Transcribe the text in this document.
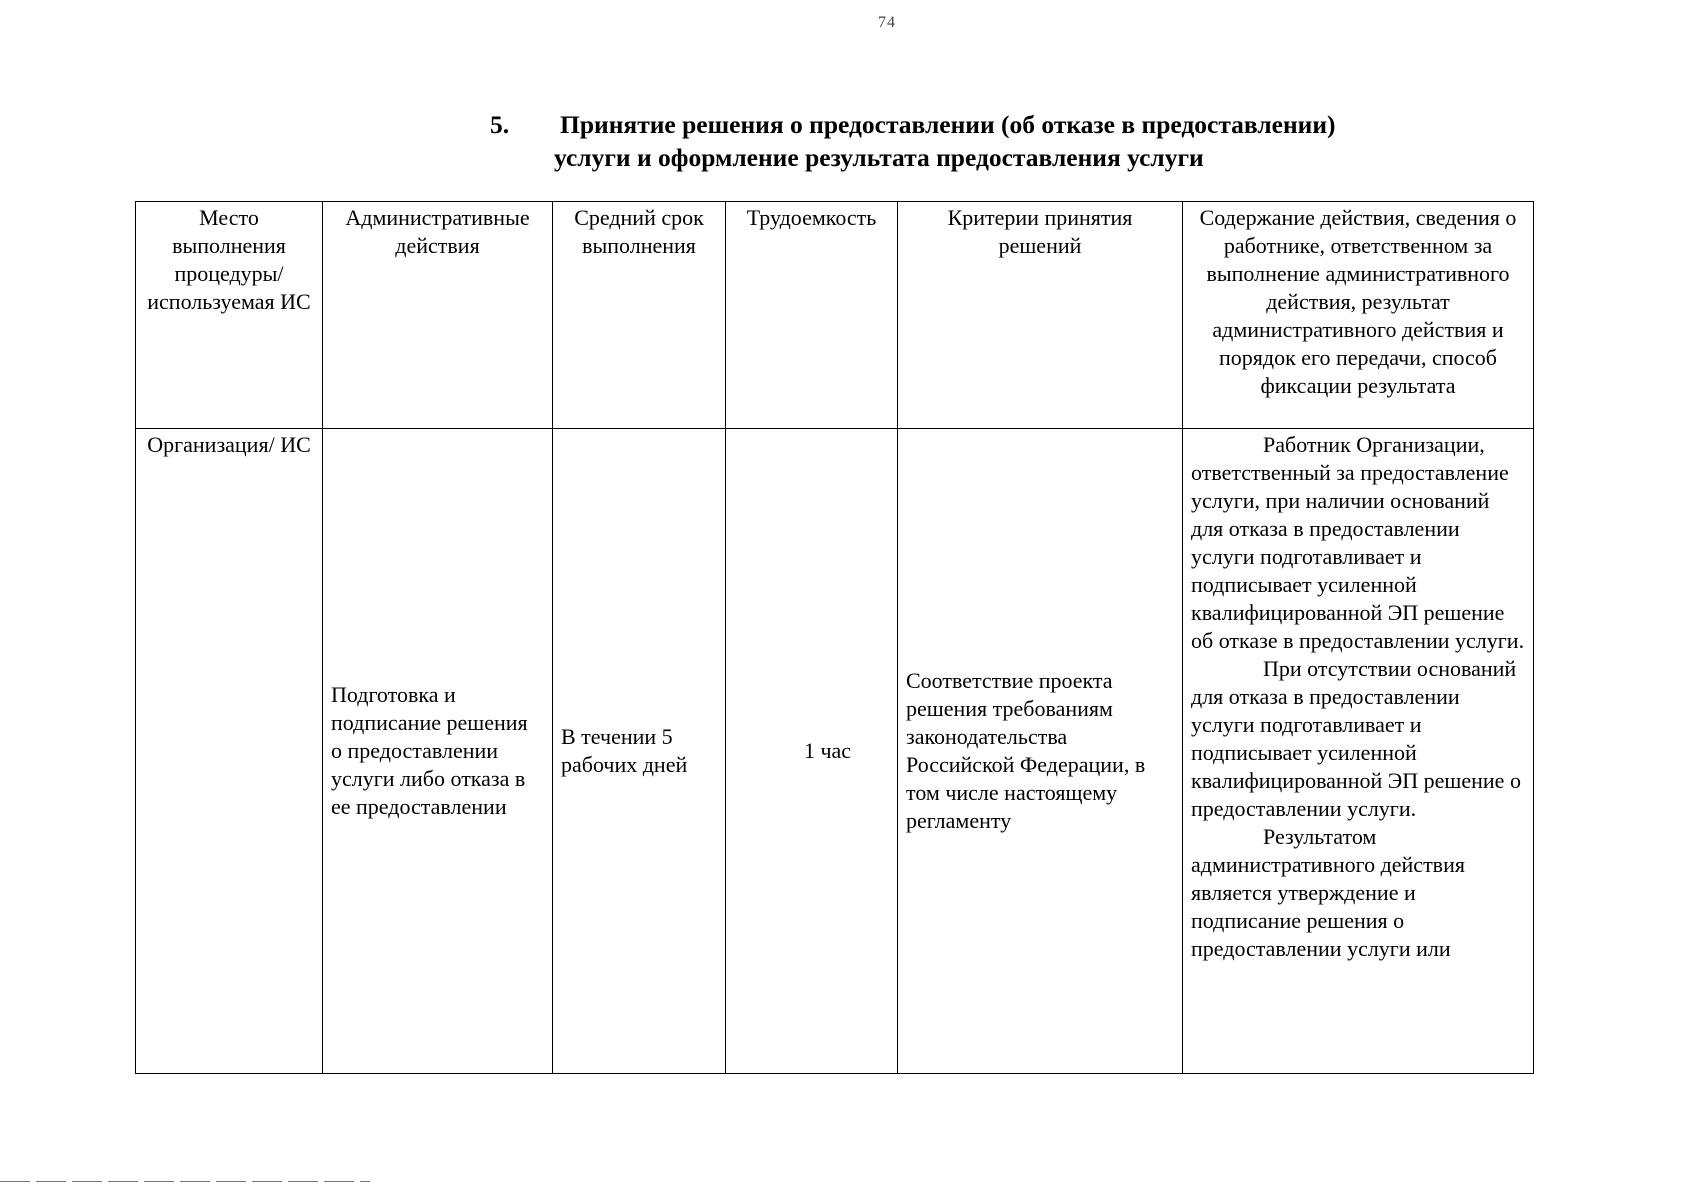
74
5. Принятие решения о предоставлении (об отказе в предоставлении)
услуги и оформление результата предоставления услуги
Место выполнения процедуры/ используемая ИС	Административные действия	Средний срок выполнения	Трудоемкость	Критерии принятия решений	Содержание действия, сведения о работнике, ответственном за выполнение административного действия, результат административного действия и порядок его передачи, способ фиксации результата
Организация/ ИС	Подготовка и подписание решения о предоставлении услуги либо отказа в ее предоставлении	В течении 5 рабочих дней	1 час	Соответствие проекта решения требованиям законодательства Российской Федерации, в том числе настоящему регламенту	Работник Организации, ответственный за предоставление услуги, при наличии оснований для отказа в предоставлении услуги подготавливает и подписывает усиленной квалифицированной ЭП решение об отказе в предоставлении услуги.

При отсутствии оснований для отказа в предоставлении услуги подготавливает и подписывает усиленной квалифицированной ЭП решение о предоставлении услуги.

Результатом административного действия является утверждение и подписание решения о предоставлении услуги или
